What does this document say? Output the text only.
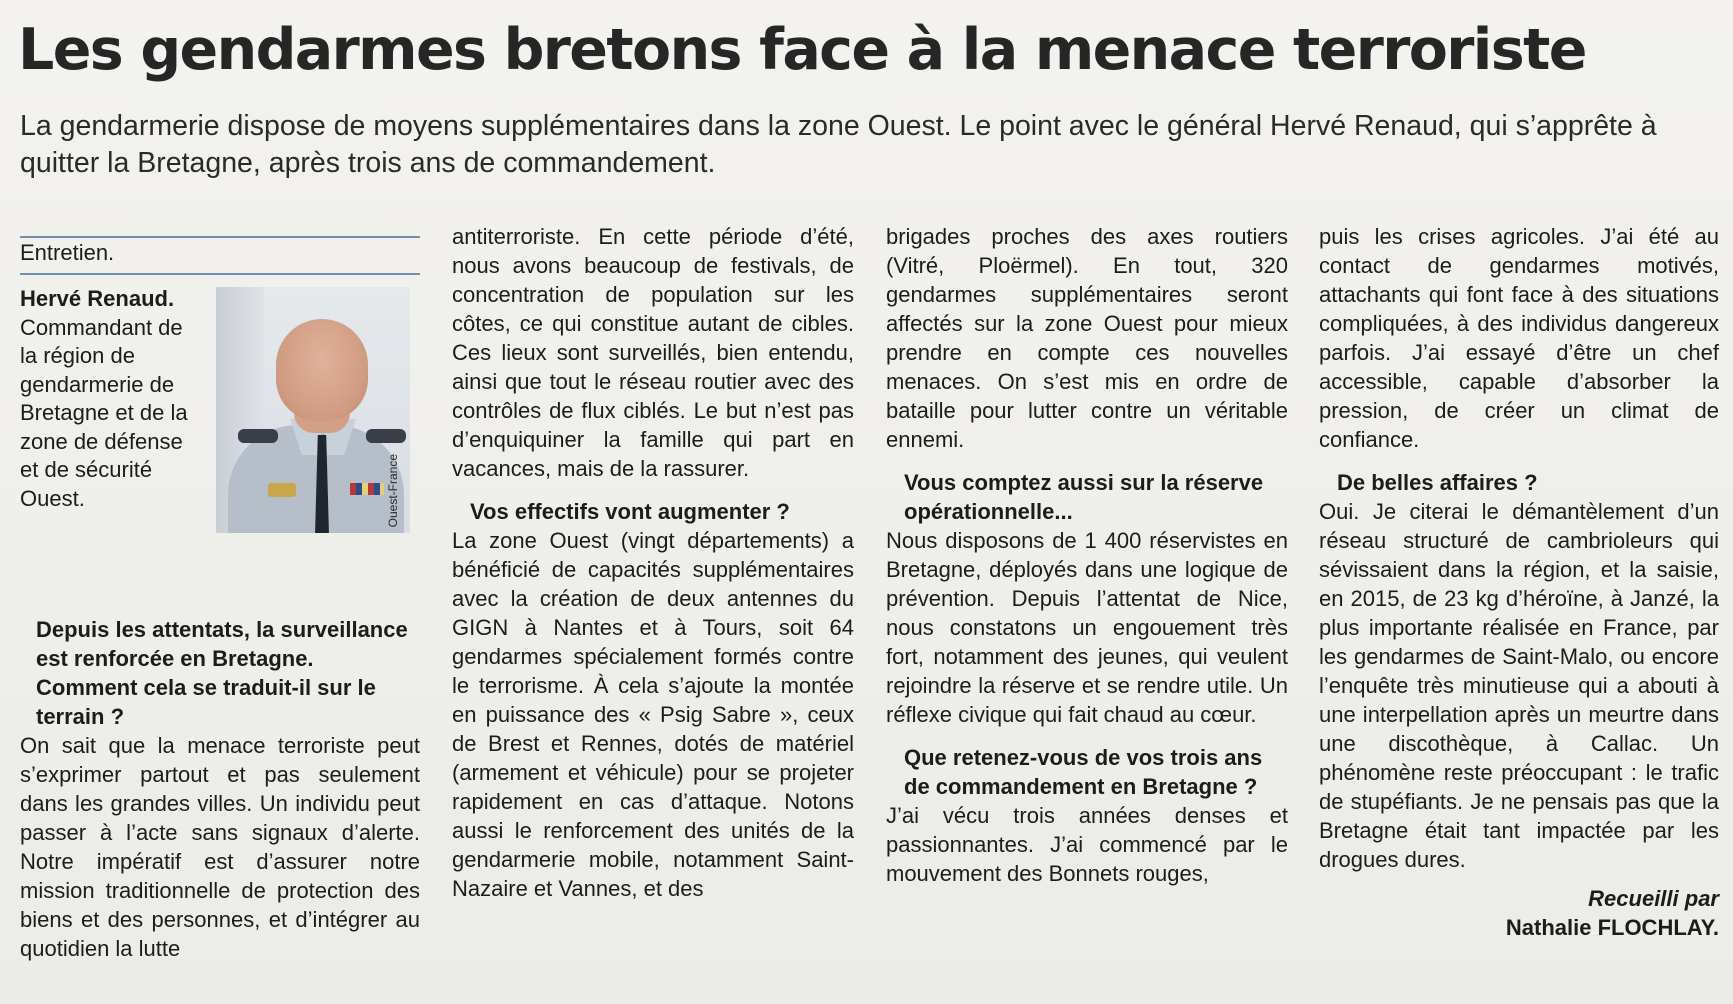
Les gendarmes bretons face à la menace terroriste

La gendarmerie dispose de moyens supplémentaires dans la zone Ouest. Le point avec le général Hervé Renaud, qui s’apprête à quitter la Bretagne, après trois ans de commandement.

Entretien.
Hervé Renaud. Commandant de la région de gendarmerie de Bretagne et de la zone de défense et de sécurité Ouest.	Ouest-France

Depuis les attentats, la surveillance est renforcée en Bretagne. Comment cela se traduit-il sur le terrain ?

On sait que la menace terroriste peut s’exprimer partout et pas seulement dans les grandes villes. Un individu peut passer à l’acte sans signaux d’alerte. Notre impératif est d’assurer notre mission traditionnelle de protection des biens et des personnes, et d’intégrer au quotidien la lutte

antiterroriste. En cette période d’été, nous avons beaucoup de festivals, de concentration de population sur les côtes, ce qui constitue autant de cibles. Ces lieux sont surveillés, bien entendu, ainsi que tout le réseau routier avec des contrôles de flux ciblés. Le but n’est pas d’enquiquiner la famille qui part en vacances, mais de la rassurer.

Vos effectifs vont augmenter ?

La zone Ouest (vingt départements) a bénéficié de capacités supplémentaires avec la création de deux antennes du GIGN à Nantes et à Tours, soit 64 gendarmes spécialement formés contre le terrorisme. À cela s’ajoute la montée en puissance des « Psig Sabre », ceux de Brest et Rennes, dotés de matériel (armement et véhicule) pour se projeter rapidement en cas d’attaque. Notons aussi le renforcement des unités de la gendarmerie mobile, notamment Saint-Nazaire et Vannes, et des

brigades proches des axes routiers (Vitré, Ploërmel). En tout, 320 gendarmes supplémentaires seront affectés sur la zone Ouest pour mieux prendre en compte ces nouvelles menaces. On s’est mis en ordre de bataille pour lutter contre un véritable ennemi.

Vous comptez aussi sur la réserve opérationnelle...

Nous disposons de 1 400 réservistes en Bretagne, déployés dans une logique de prévention. Depuis l’attentat de Nice, nous constatons un engouement très fort, notamment des jeunes, qui veulent rejoindre la réserve et se rendre utile. Un réflexe civique qui fait chaud au cœur.

Que retenez-vous de vos trois ans de commandement en Bretagne ?

J’ai vécu trois années denses et passionnantes. J’ai commencé par le mouvement des Bonnets rouges,

puis les crises agricoles. J’ai été au contact de gendarmes motivés, attachants qui font face à des situations compliquées, à des individus dangereux parfois. J’ai essayé d’être un chef accessible, capable d’absorber la pression, de créer un climat de confiance.

De belles affaires ?

Oui. Je citerai le démantèlement d’un réseau structuré de cambrioleurs qui sévissaient dans la région, et la saisie, en 2015, de 23 kg d’héroïne, à Janzé, la plus importante réalisée en France, par les gendarmes de Saint-Malo, ou encore l’enquête très minutieuse qui a abouti à une interpellation après un meurtre dans une discothèque, à Callac. Un phénomène reste préoccupant : le trafic de stupéfiants. Je ne pensais pas que la Bretagne était tant impactée par les drogues dures.

Recueilli par
Nathalie FLOCHLAY.
